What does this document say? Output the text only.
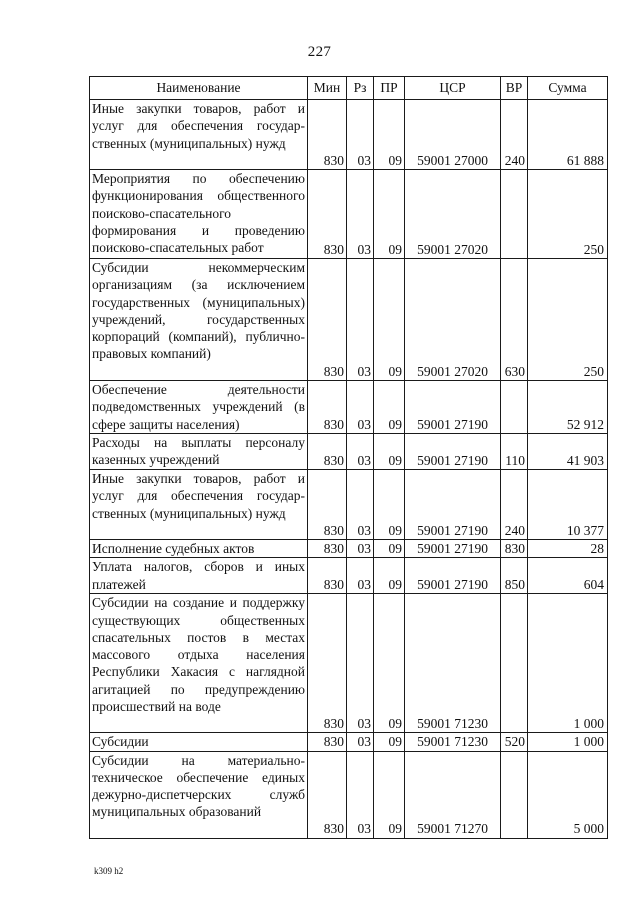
227
Наименование	Мин	Рз	ПР	ЦСР	ВР	Сумма
Иные закупки товаров, работ и услуг для обеспечения государственных (муниципальных) нужд	830	03	09	59001 27000	240	61 888
Мероприятия по обеспечению функционирования общественного поисково-спасательного формирования и проведению поисково-спасательных работ	830	03	09	59001 27020		250
Субсидии некоммерческим организациям (за исключением государственных (муниципальных) учреждений, государственных корпораций (компаний), публично-правовых компаний)	830	03	09	59001 27020	630	250
Обеспечение деятельности подведомственных учреждений (в сфере защиты населения)	830	03	09	59001 27190		52 912
Расходы на выплаты персоналу казенных учреждений	830	03	09	59001 27190	110	41 903
Иные закупки товаров, работ и услуг для обеспечения государственных (муниципальных) нужд	830	03	09	59001 27190	240	10 377
Исполнение судебных актов	830	03	09	59001 27190	830	28
Уплата налогов, сборов и иных платежей	830	03	09	59001 27190	850	604
Субсидии на создание и поддержку существующих общественных спасательных постов в местах массового отдыха населения Республики Хакасия с наглядной агитацией по предупреждению происшествий на воде	830	03	09	59001 71230		1 000
Субсидии	830	03	09	59001 71230	520	1 000
Субсидии на материально-техническое обеспечение единых дежурно-диспетчерских служб муниципальных образований	830	03	09	59001 71270		5 000
k309 h2
